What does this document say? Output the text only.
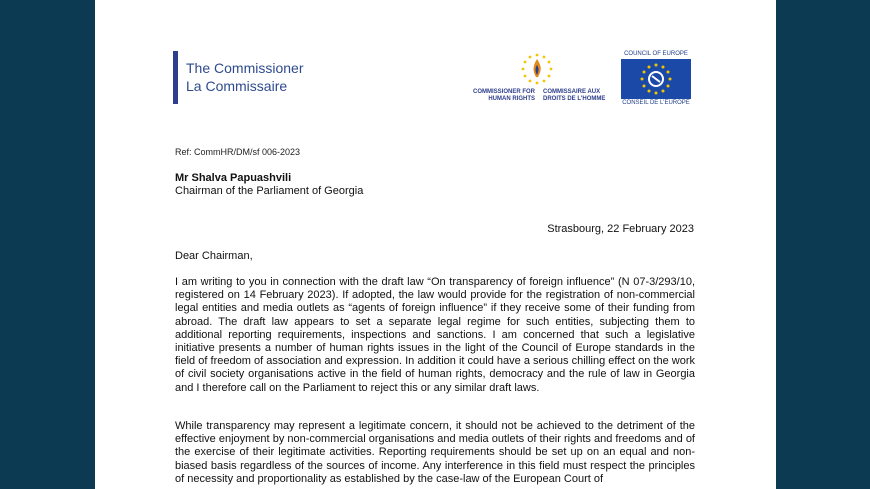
The Commissioner
La Commissaire	COMMISSIONER FOR HUMAN RIGHTS
COMMISSAIRE AUX DROITS DE L'HOMME
COUNCIL OF EUROPE
CONSEIL DE L'EUROPE
Ref: CommHR/DM/sf 006-2023
Mr Shalva Papuashvili
Chairman of the Parliament of Georgia
Strasbourg, 22 February 2023
Dear Chairman,
I am writing to you in connection with the draft law “On transparency of foreign influence” (N 07-3/293/10, registered on 14 February 2023). If adopted, the law would provide for the registration of non-commercial legal entities and media outlets as “agents of foreign influence” if they receive some of their funding from abroad. The draft law appears to set a separate legal regime for such entities, subjecting them to additional reporting requirements, inspections and sanctions. I am concerned that such a legislative initiative presents a number of human rights issues in the light of the Council of Europe standards in the field of freedom of association and expression. In addition it could have a serious chilling effect on the work of civil society organisations active in the field of human rights, democracy and the rule of law in Georgia and I therefore call on the Parliament to reject this or any similar draft laws.
While transparency may represent a legitimate concern, it should not be achieved to the detriment of the effective enjoyment by non-commercial organisations and media outlets of their rights and freedoms and of the exercise of their legitimate activities. Reporting requirements should be set up on an equal and non-biased basis regardless of the sources of income. Any interference in this field must respect the principles of necessity and proportionality as established by the case-law of the European Court of
